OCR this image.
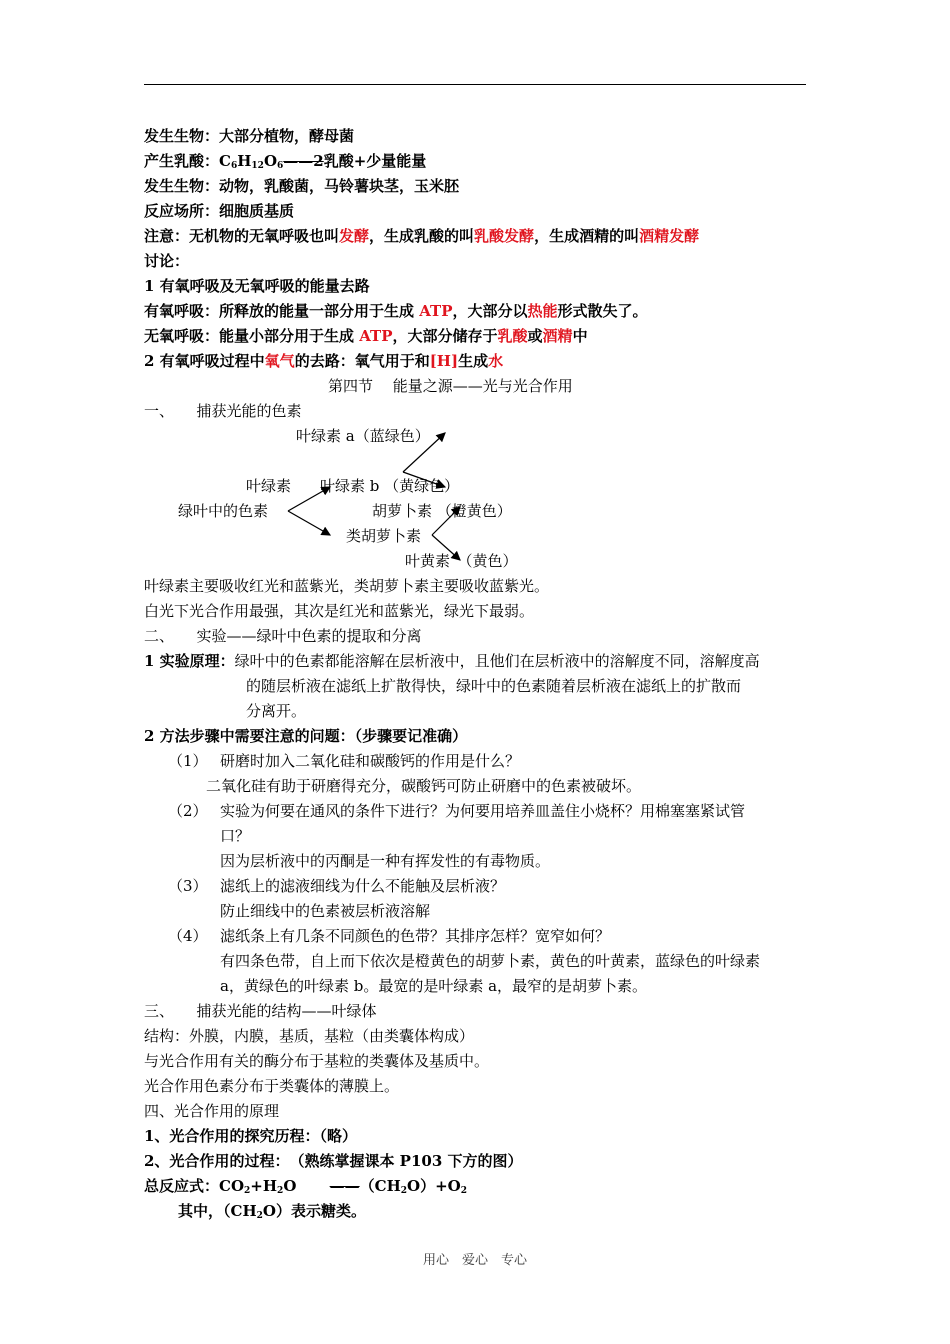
发生生物：大部分植物，酵母菌
产生乳酸：$C_6H_{12}O_6——2$乳酸+少量能量
发生生物：动物，乳酸菌，马铃薯块茎，玉米胚
反应场所：细胞质基质
注意：无机物的无氧呼吸也叫发酵，生成乳酸的叫乳酸发酵，生成酒精的叫酒精发酵
讨论：
1 有氧呼吸及无氧呼吸的能量去路
有氧呼吸：所释放的能量一部分用于生成 ATP，大部分以热能形式散失了。
无氧呼吸：能量小部分用于生成 ATP，大部分储存于乳酸或酒精中
2 有氧呼吸过程中氧气的去路：氧气用于和[H]生成水
第四节　 能量之源——光与光合作用
一、　　捕获光能的色素
叶绿素 a（蓝绿色）
叶绿素 叶绿素 b （黄绿色）
绿叶中的色素	胡萝卜素 （橙黄色）
类胡萝卜素
叶黄素　（黄色）
叶绿素主要吸收红光和蓝紫光，类胡萝卜素主要吸收蓝紫光。
白光下光合作用最强，其次是红光和蓝紫光，绿光下最弱。
二、　　实验——绿叶中色素的提取和分离
1 实验原理：绿叶中的色素都能溶解在层析液中，且他们在层析液中的溶解度不同，溶解度高
的随层析液在滤纸上扩散得快，绿叶中的色素随着层析液在滤纸上的扩散而
分离开。
2 方法步骤中需要注意的问题：（步骤要记准确）
（1） 研磨时加入二氧化硅和碳酸钙的作用是什么？
二氧化硅有助于研磨得充分，碳酸钙可防止研磨中的色素被破坏。
（2） 实验为何要在通风的条件下进行？为何要用培养皿盖住小烧杯？用棉塞塞紧试管
口？
因为层析液中的丙酮是一种有挥发性的有毒物质。
（3） 滤纸上的滤液细线为什么不能触及层析液？
防止细线中的色素被层析液溶解
（4） 滤纸条上有几条不同颜色的色带？其排序怎样？宽窄如何？
有四条色带，自上而下依次是橙黄色的胡萝卜素，黄色的叶黄素，蓝绿色的叶绿素
a，黄绿色的叶绿素 b。最宽的是叶绿素 a，最窄的是胡萝卜素。
三、　　捕获光能的结构——叶绿体
结构：外膜，内膜，基质，基粒（由类囊体构成）
与光合作用有关的酶分布于基粒的类囊体及基质中。
光合作用色素分布于类囊体的薄膜上。
四、光合作用的原理
1、光合作用的探究历程：（略）
2、光合作用的过程：　（熟练掌握课本 P103 下方的图）
总反应式：$CO_2+H_2O$ $——(CH_2O)+O_2$
其中，$(CH_2O)$表示糖类。
用心　爱心　专心
